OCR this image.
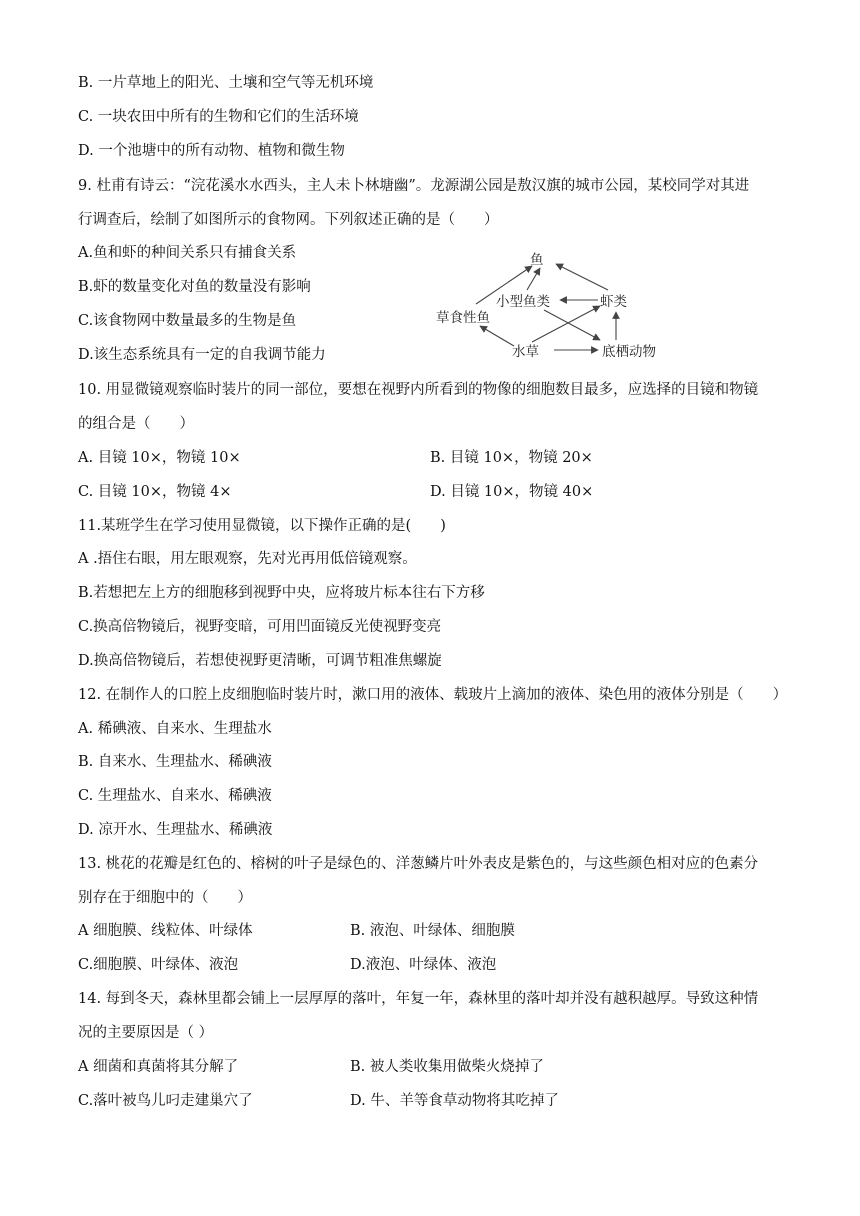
B. 一片草地上的阳光、土壤和空气等无机环境
C. 一块农田中所有的生物和它们的生活环境
D. 一个池塘中的所有动物、植物和微生物
9. 杜甫有诗云：“浣花溪水水西头，主人未卜林塘幽”。龙源湖公园是敖汉旗的城市公园，某校同学对其进
行调查后，绘制了如图所示的食物网。下列叙述正确的是（　　）
A.鱼和虾的种间关系只有捕食关系
B.虾的数量变化对鱼的数量没有影响
C.该食物网中数量最多的生物是鱼
D.该生态系统具有一定的自我调节能力
鱼
小型鱼类	虾类
草食性鱼
水草	底栖动物
10. 用显微镜观察临时装片的同一部位，要想在视野内所看到的物像的细胞数目最多，应选择的目镜和物镜
的组合是（　　）
A. 目镜 10×，物镜 10×	B. 目镜 10×，物镜 20×
C. 目镜 10×，物镜 4×	D. 目镜 10×，物镜 40×
11.某班学生在学习使用显微镜，以下操作正确的是(　　)
A .捂住右眼，用左眼观察，先对光再用低倍镜观察。
B.若想把左上方的细胞移到视野中央，应将玻片标本往右下方移
C.换高倍物镜后，视野变暗，可用凹面镜反光使视野变亮
D.换高倍物镜后，若想使视野更清晰，可调节粗准焦螺旋
12. 在制作人的口腔上皮细胞临时装片时，漱口用的液体、载玻片上滴加的液体、染色用的液体分别是（　　）
A. 稀碘液、自来水、生理盐水
B. 自来水、生理盐水、稀碘液
C. 生理盐水、自来水、稀碘液
D. 凉开水、生理盐水、稀碘液
13. 桃花的花瓣是红色的、榕树的叶子是绿色的、洋葱鳞片叶外表皮是紫色的，与这些颜色相对应的色素分
别存在于细胞中的（　　）
A 细胞膜、线粒体、叶绿体	B. 液泡、叶绿体、细胞膜
C.细胞膜、叶绿体、液泡	D.液泡、叶绿体、液泡
14. 每到冬天，森林里都会铺上一层厚厚的落叶，年复一年，森林里的落叶却并没有越积越厚。导致这种情
况的主要原因是（ ）
A 细菌和真菌将其分解了	B. 被人类收集用做柴火烧掉了
C.落叶被鸟儿叼走建巢穴了	D. 牛、羊等食草动物将其吃掉了
